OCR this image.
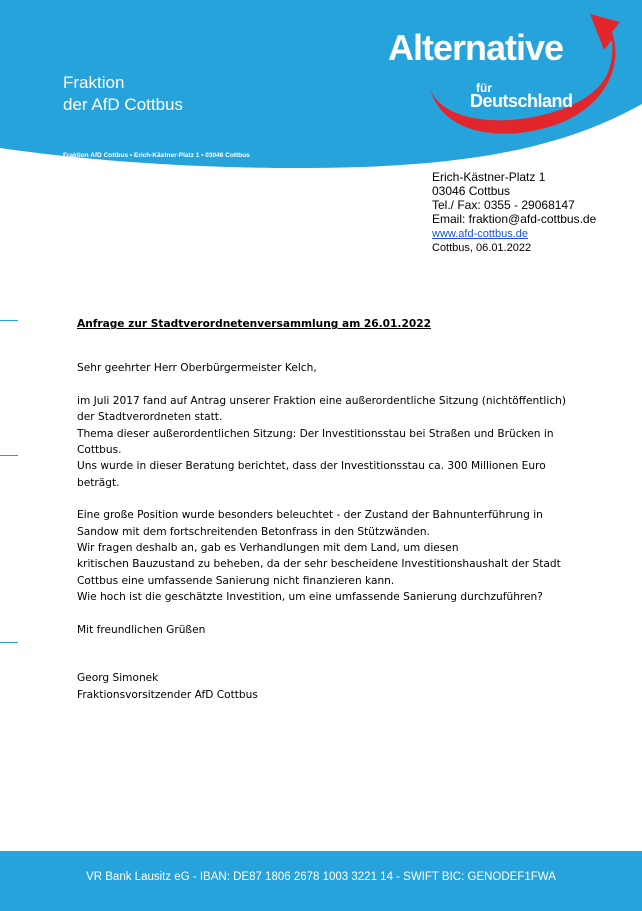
Fraktion
der AfD Cottbus
Fraktion AfD Cottbus • Erich-Kästner-Platz 1 • 03046 Cottbus
Alternative
für
Deutschland
Erich-Kästner-Platz 1
03046 Cottbus
Tel./ Fax: 0355 - 29068147
Email: fraktion@afd-cottbus.de
www.afd-cottbus.de
Cottbus, 06.01.2022

Anfrage zur Stadtverordnetenversammlung am 26.01.2022

Sehr geehrter Herr Oberbürgermeister Kelch,

im Juli 2017 fand auf Antrag unserer Fraktion eine außerordentliche Sitzung (nichtöffentlich)

der Stadtverordneten statt.

Thema dieser außerordentlichen Sitzung: Der Investitionsstau bei Straßen und Brücken in

Cottbus.

Uns wurde in dieser Beratung berichtet, dass der Investitionsstau ca. 300 Millionen Euro

beträgt.

Eine große Position wurde besonders beleuchtet - der Zustand der Bahnunterführung in

Sandow mit dem fortschreitenden Betonfrass in den Stützwänden.

Wir fragen deshalb an, gab es Verhandlungen mit dem Land, um diesen

kritischen Bauzustand zu beheben, da der sehr bescheidene Investitionshaushalt der Stadt

Cottbus eine umfassende Sanierung nicht finanzieren kann.

Wie hoch ist die geschätzte Investition, um eine umfassende Sanierung durchzuführen?

Mit freundlichen Grüßen

Georg Simonek

Fraktionsvorsitzender AfD Cottbus

VR Bank Lausitz eG - IBAN: DE87 1806 2678 1003 3221 14 - SWIFT BIC: GENODEF1FWA
